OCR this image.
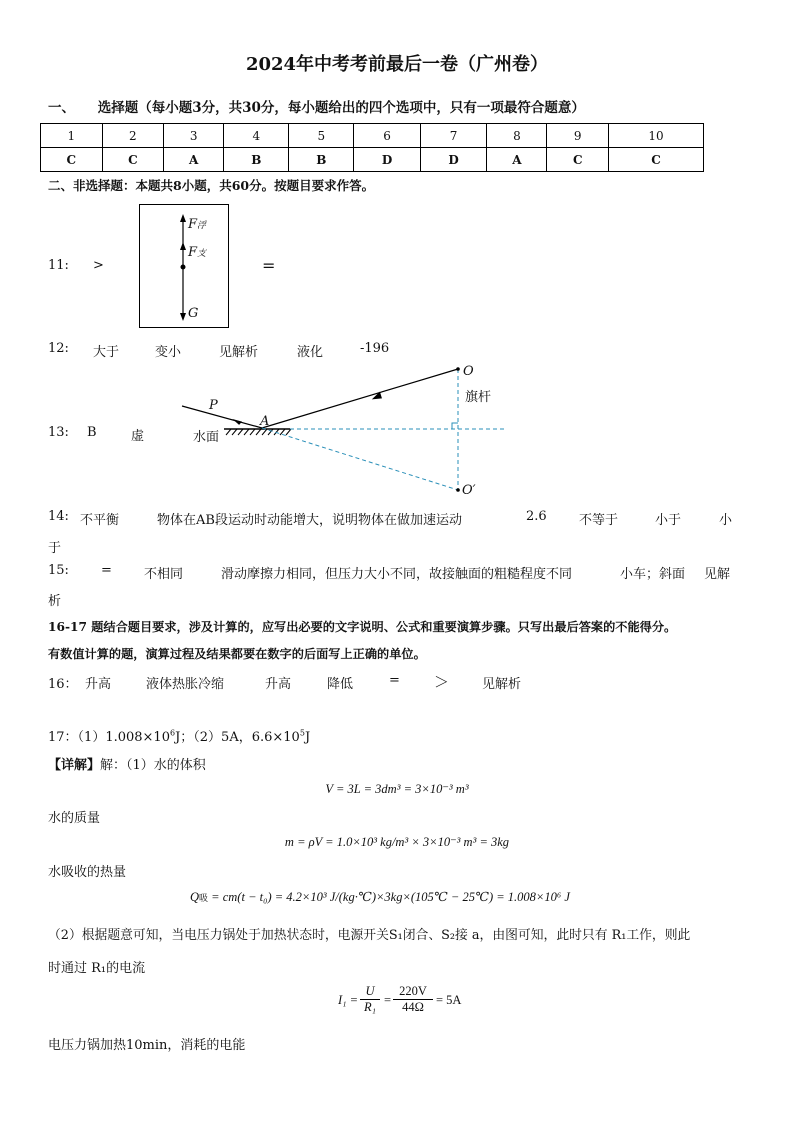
2024年中考考前最后一卷（广州卷）
一、 选择题（每小题3分，共30分，每小题给出的四个选项中，只有一项最符合题意）
1	2	3	4	5	6	7	8	9	10
C	C	A	B	B	D	D	A	C	C
二、非选择题：本题共8小题，共60分。按题目要求作答。
11: >	=
F浮
F支
G
12: 大于	变小	见解析	液化	-196
13: B	虚
P
A
水面
O
旗杆
O′
14: 不平衡	物体在AB段运动时动能增大，说明物体在做加速运动	2.6 不等于	小于	小
于
15: = 不相同	滑动摩擦力相同，但压力大小不同，故接触面的粗糙程度不同	小车；斜面 见解
析
16-17 题结合题目要求，涉及计算的，应写出必要的文字说明、公式和重要演算步骤。只写出最后答案的不能得分。
有数值计算的题，演算过程及结果都要在数字的后面写上正确的单位。
16： 升高	液体热胀冷缩	升高	降低	= ＞	见解析
17：$(1)1.008\times 10^6J$；（2）5A，$6.6\times 10^5J$
【详解】解：（1）水的体积
V = 3L = 3dm³ = 3×10⁻³ m³
水的质量
m = ρV = 1.0×10³ kg/m³ × 3×10⁻³ m³ = 3kg
水吸收的热量
Q吸 = cm(t − t₀) = 4.2×10³ J/(kg·℃)×3kg×(105℃ − 25℃) = 1.008×10⁶ J
（2）根据题意可知，当电压力锅处于加热状态时，电源开关S₁闭合、S₂接 a，由图可知，此时只有 R₁工作，则此
时通过 R₁的电流
$I_1 = \frac{U}{\text{R₁}} = \frac{220V}{44\Omega} = 5A$
电压力锅加热10min，消耗的电能
